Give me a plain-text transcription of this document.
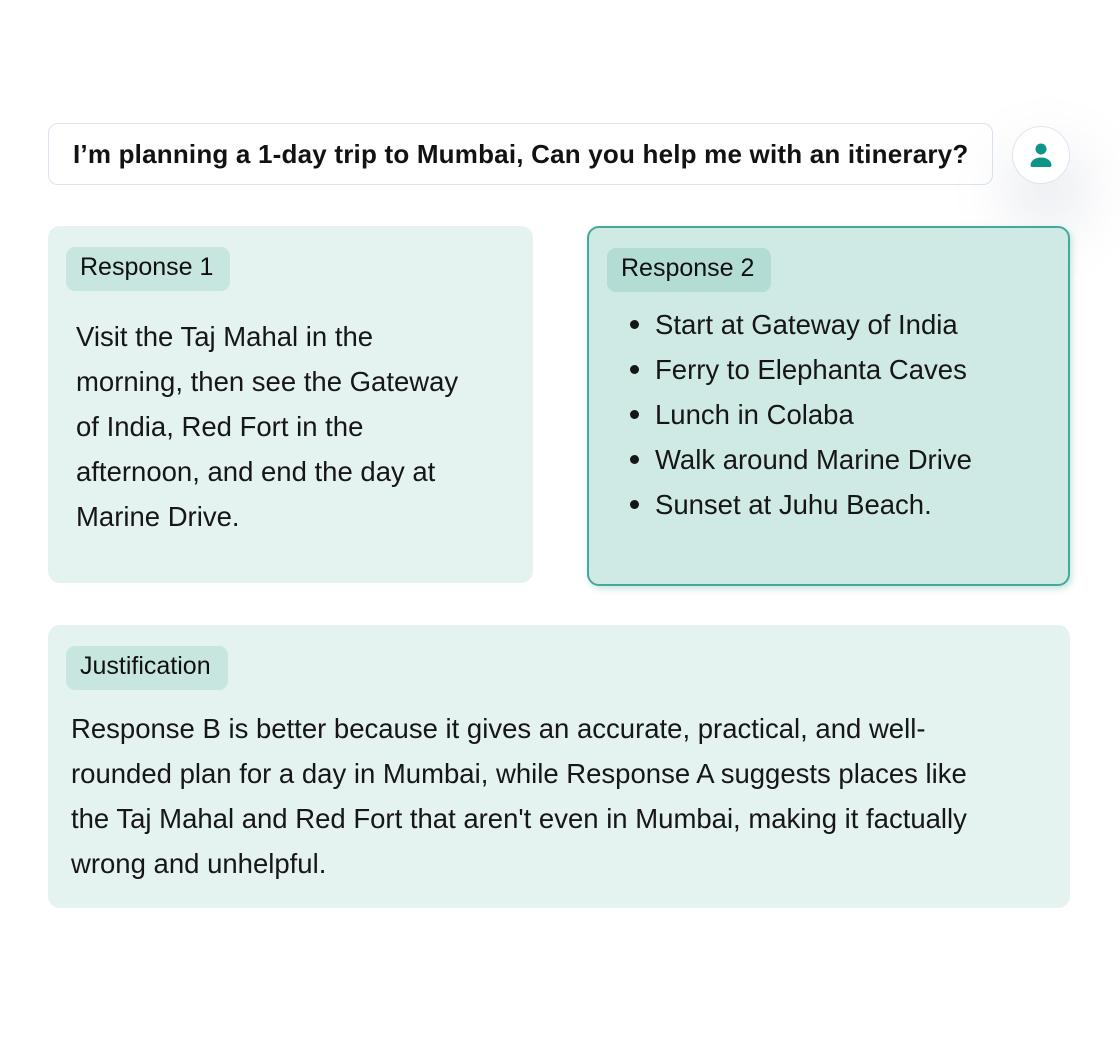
I’m planning a 1-day trip to Mumbai, Can you help me with an itinerary?
Response 1

Visit the Taj Mahal in the morning, then see the Gateway of India, Red Fort in the afternoon, and end the day at Marine Drive.

Response 2
Start at Gateway of India
Ferry to Elephanta Caves
Lunch in Colaba
Walk around Marine Drive
Sunset at Juhu Beach.
Justification

Response B is better because it gives an accurate, practical, and well-rounded plan for a day in Mumbai, while Response A suggests places like the Taj Mahal and Red Fort that aren't even in Mumbai, making it factually wrong and unhelpful.
